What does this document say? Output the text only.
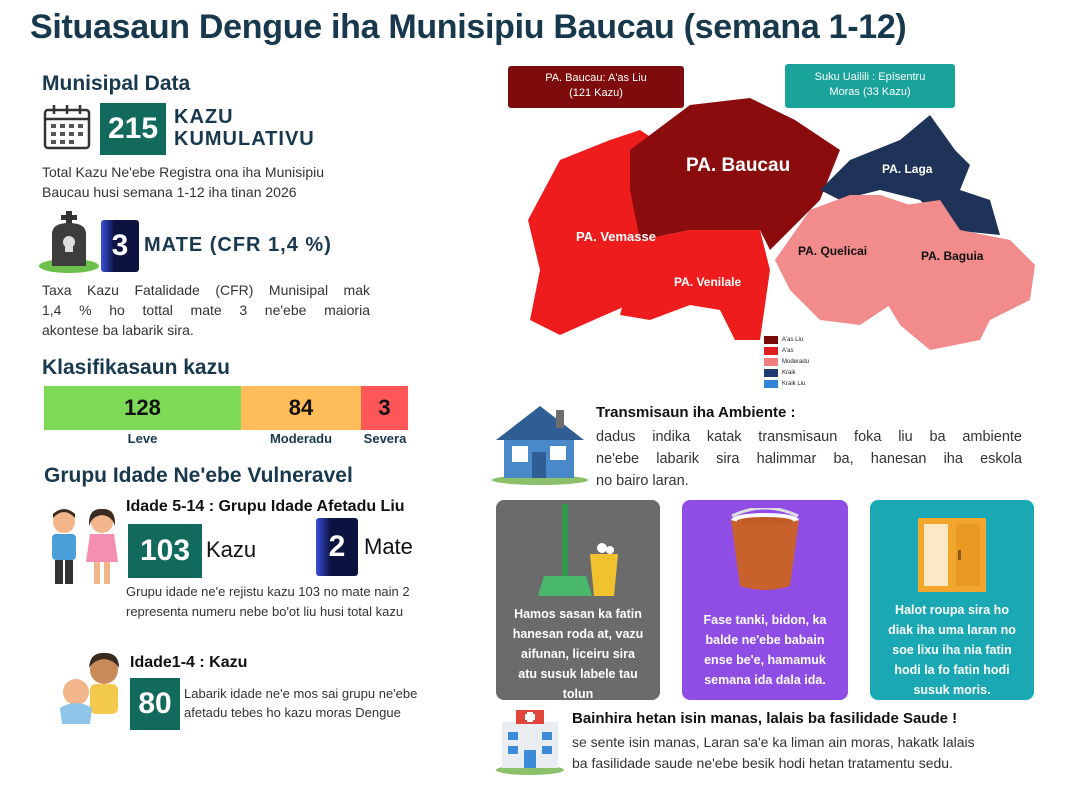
Situasaun Dengue iha Munisipiu Baucau (semana 1-12)
Munisipal Data
215 KAZU
KUMULATIVU
Total Kazu Ne'ebe Registra ona iha Munisipiu
Baucau husi semana 1-12 iha tinan 2026
3 MATE (CFR 1,4 %)
Taxa Kazu Fatalidade (CFR) Munisipal mak
1,4 % ho tottal mate 3 ne'ebe maioria
akontese ba labarik sira.
Klasifikasaun kazu
128	84	3
Leve	Moderadu	Severa
Grupu Idade Ne'ebe Vulneravel
Idade 5-14 : Grupu Idade Afetadu Liu
103 Kazu	2 Mate
Grupu idade ne'e rejistu kazu 103 no mate nain 2
representa numeru nebe bo'ot liu husi total kazu
Idade1-4 : Kazu
80 Labarik idade ne'e mos sai grupu ne'ebe
afetadu tebes ho kazu moras Dengue
PA. Baucau: A'as Liu
(121 Kazu)
Suku Uailili : Epísentru
Moras (33 Kazu)
PA. Baucau	PA. Laga
PA. Vemasse
PA. Venilale
PA. Quelicai	PA. Baguia
A'as Liu
A'as
Moderadu
Kraik
Kraik Liu
Transmisaun iha Ambiente :
dadus indika katak transmisaun foka liu ba ambiente
ne'ebe labarik sira halimmar ba, hanesan iha eskola
no bairo laran.
Hamos sasan ka fatin
hanesan roda at, vazu
aifunan, liceiru sira
atu susuk labele tau
tolun
Fase tanki, bidon, ka
balde ne'ebe babain
ense be'e, hamamuk
semana ida dala ida.
Halot roupa sira ho
diak iha uma laran no
soe lixu iha nia fatin
hodi la fo fatin hodi
susuk moris.
Bainhira hetan isin manas, lalais ba fasilidade Saude !
se sente isin manas, Laran sa'e ka liman ain moras, hakatk lalais
ba fasilidade saude ne'ebe besik hodi hetan tratamentu sedu.
